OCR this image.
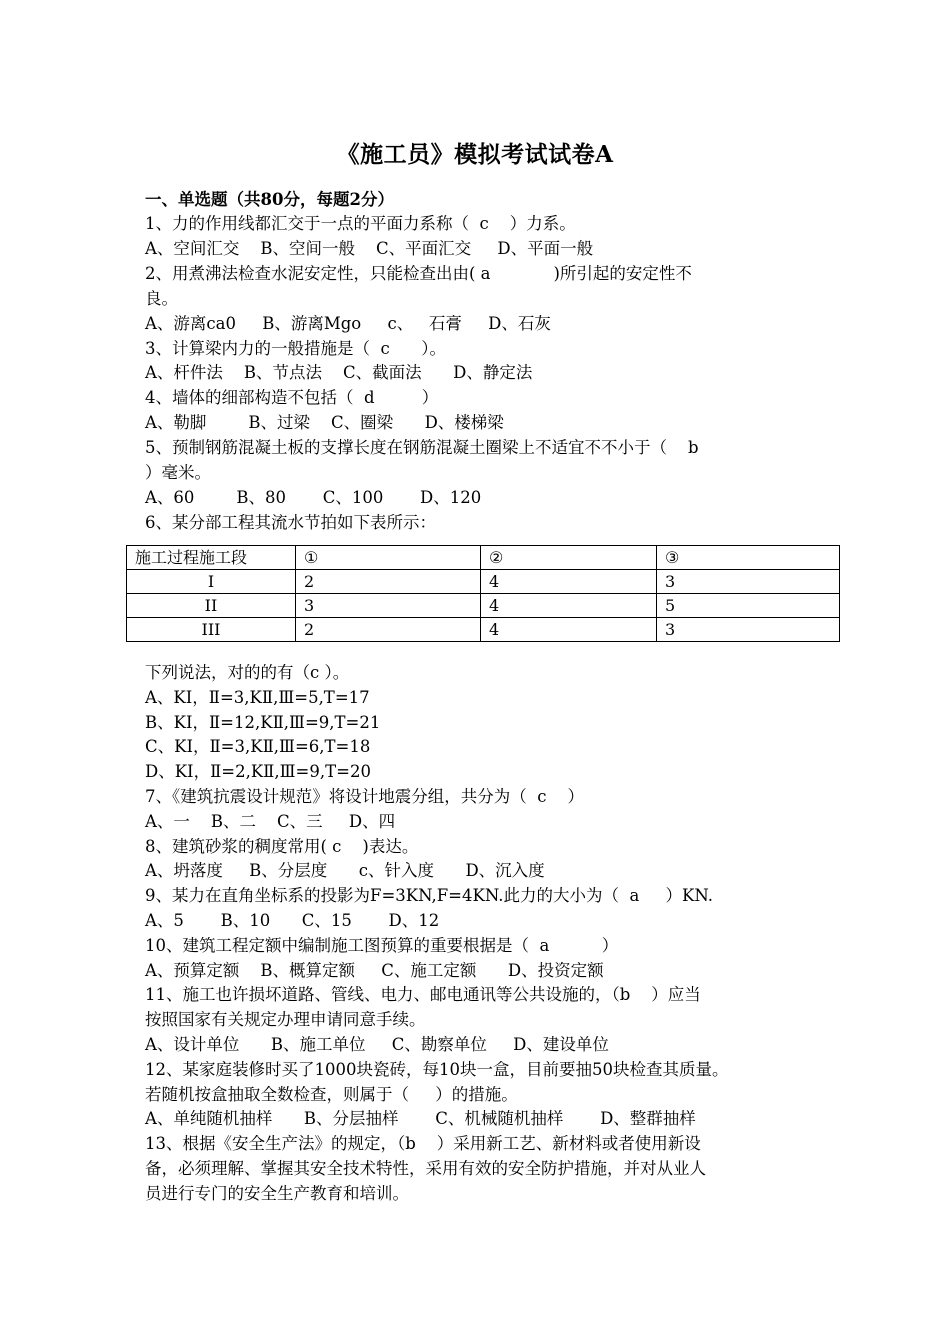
《施工员》模拟考试试卷A
一、单选题（共80分，每题2分）
1、力的作用线都汇交于一点的平面力系称（  c    ）力系。
A、空间汇交    B、空间一般    C、平面汇交     D、平面一般
2、用煮沸法检查水泥安定性，只能检查出由( a            )所引起的安定性不
良。
A、游离ca0     B、游离Mgo     c、   石膏     D、石灰
3、计算梁内力的一般措施是（  c      ）。
A、杆件法    B、节点法    C、截面法      D、静定法
4、墙体的细部构造不包括（  d         ）
A、勒脚        B、过梁    C、圈梁      D、楼梯梁
5、预制钢筋混凝土板的支撑长度在钢筋混凝土圈梁上不适宜不不小于（    b
）毫米。
A、60        B、80       C、100       D、120
6、某分部工程其流水节拍如下表所示：
施工过程施工段	①	②	③
I	2	4	3
II	3	4	5
III	2	4	3
下列说法，对的的有（c ）。
A、KⅠ，Ⅱ=3,KⅡ,Ⅲ=5,T=17
B、KⅠ，Ⅱ=12,KⅡ,Ⅲ=9,T=21
C、KⅠ，Ⅱ=3,KⅡ,Ⅲ=6,T=18
D、KⅠ，Ⅱ=2,KⅡ,Ⅲ=9,T=20
7、《建筑抗震设计规范》将设计地震分组，共分为（  c    ）
A、一    B、二    C、三     D、四
8、建筑砂浆的稠度常用( c    )表达。
A、坍落度     B、分层度      c、针入度      D、沉入度
9、某力在直角坐标系的投影为F=3KN,F=4KN.此力的大小为（  a     ）KN.
A、5       B、10      C、15       D、12
10、建筑工程定额中编制施工图预算的重要根据是（  a          ）
A、预算定额    B、概算定额     C、施工定额      D、投资定额
11、施工也许损坏道路、管线、电力、邮电通讯等公共设施的，（b    ）应当
按照国家有关规定办理申请同意手续。
A、设计单位      B、施工单位     C、勘察单位     D、建设单位
12、某家庭装修时买了1000块瓷砖，每10块一盒，目前要抽50块检查其质量。
若随机按盒抽取全数检查，则属于（     ）的措施。
A、单纯随机抽样      B、分层抽样       C、机械随机抽样       D、整群抽样
13、根据《安全生产法》的规定，（b    ）采用新工艺、新材料或者使用新设
备，必须理解、掌握其安全技术特性，采用有效的安全防护措施，并对从业人
员进行专门的安全生产教育和培训。
